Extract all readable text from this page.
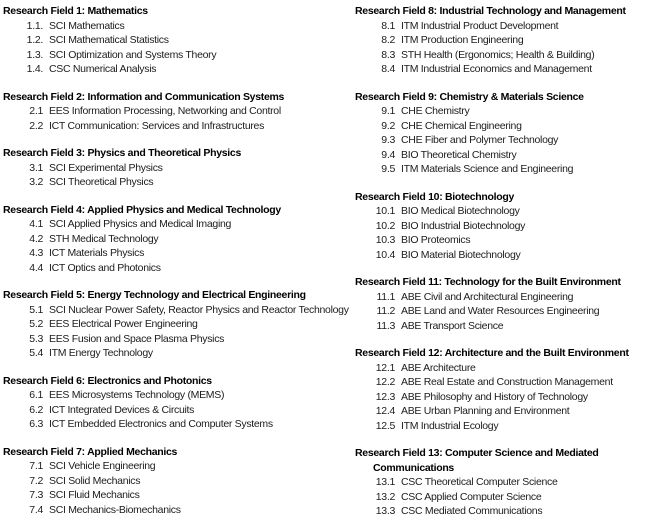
Research Field 1: Mathematics
1.1. SCI Mathematics
1.2. SCI Mathematical Statistics
1.3. SCI Optimization and Systems Theory
1.4. CSC Numerical Analysis
Research Field 2: Information and Communication Systems
2.1 EES Information Processing, Networking and Control
2.2 ICT Communication: Services and Infrastructures
Research Field 3: Physics and Theoretical Physics
3.1 SCI Experimental Physics
3.2 SCI Theoretical Physics
Research Field 4: Applied Physics and Medical Technology
4.1 SCI Applied Physics and Medical Imaging
4.2 STH Medical Technology
4.3 ICT Materials Physics
4.4 ICT Optics and Photonics
Research Field 5: Energy Technology and Electrical Engineering
5.1 SCI Nuclear Power Safety, Reactor Physics and Reactor Technology
5.2 EES Electrical Power Engineering
5.3 EES Fusion and Space Plasma Physics
5.4 ITM Energy Technology
Research Field 6: Electronics and Photonics
6.1 EES Microsystems Technology (MEMS)
6.2 ICT Integrated Devices & Circuits
6.3 ICT Embedded Electronics and Computer Systems
Research Field 7: Applied Mechanics
7.1 SCI Vehicle Engineering
7.2 SCI Solid Mechanics
7.3 SCI Fluid Mechanics
7.4 SCI Mechanics-Biomechanics
Research Field 8: Industrial Technology and Management
8.1 ITM Industrial Product Development
8.2 ITM Production Engineering
8.3 STH Health (Ergonomics; Health & Building)
8.4 ITM Industrial Economics and Management
Research Field 9: Chemistry & Materials Science
9.1 CHE Chemistry
9.2 CHE Chemical Engineering
9.3 CHE Fiber and Polymer Technology
9.4 BIO Theoretical Chemistry
9.5 ITM Materials Science and Engineering
Research Field 10: Biotechnology
10.1 BIO Medical Biotechnology
10.2 BIO Industrial Biotechnology
10.3 BIO Proteomics
10.4 BIO Material Biotechnology
Research Field 11: Technology for the Built Environment
11.1 ABE Civil and Architectural Engineering
11.2 ABE Land and Water Resources Engineering
11.3 ABE Transport Science
Research Field 12: Architecture and the Built Environment
12.1 ABE Architecture
12.2 ABE Real Estate and Construction Management
12.3 ABE Philosophy and History of Technology
12.4 ABE Urban Planning and Environment
12.5 ITM Industrial Ecology
Research Field 13: Computer Science and Mediated
Communications
13.1 CSC Theoretical Computer Science
13.2 CSC Applied Computer Science
13.3 CSC Mediated Communications
